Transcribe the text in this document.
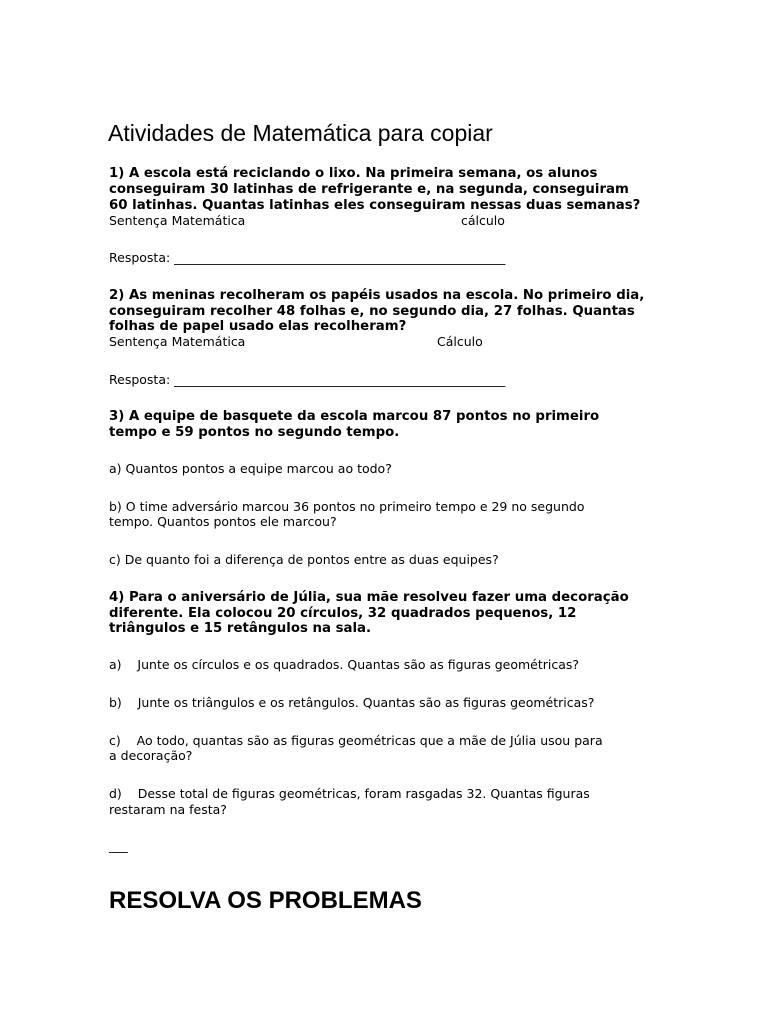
Atividades de Matemática para copiar
1) A escola está reciclando o lixo. Na primeira semana, os alunos
conseguiram 30 latinhas de refrigerante e, na segunda, conseguiram
60 latinhas. Quantas latinhas eles conseguiram nessas duas semanas?
Sentença Matemática	cálculo
Resposta: _____________________________________________________
2) As meninas recolheram os papéis usados na escola. No primeiro dia,
conseguiram recolher 48 folhas e, no segundo dia, 27 folhas. Quantas
folhas de papel usado elas recolheram?
Sentença Matemática	Cálculo
Resposta: _____________________________________________________
3) A equipe de basquete da escola marcou 87 pontos no primeiro
tempo e 59 pontos no segundo tempo.
a) Quantos pontos a equipe marcou ao todo?
b) O time adversário marcou 36 pontos no primeiro tempo e 29 no segundo
tempo. Quantos pontos ele marcou?
c) De quanto foi a diferença de pontos entre as duas equipes?
4) Para o aniversário de Júlia, sua mãe resolveu fazer uma decoração
diferente. Ela colocou 20 círculos, 32 quadrados pequenos, 12
triângulos e 15 retângulos na sala.
a)    Junte os círculos e os quadrados. Quantas são as figuras geométricas?
b)    Junte os triângulos e os retângulos. Quantas são as figuras geométricas?
c)    Ao todo, quantas são as figuras geométricas que a mãe de Júlia usou para
a decoração?
d)    Desse total de figuras geométricas, foram rasgadas 32. Quantas figuras
restaram na festa?
___
RESOLVA OS PROBLEMAS
